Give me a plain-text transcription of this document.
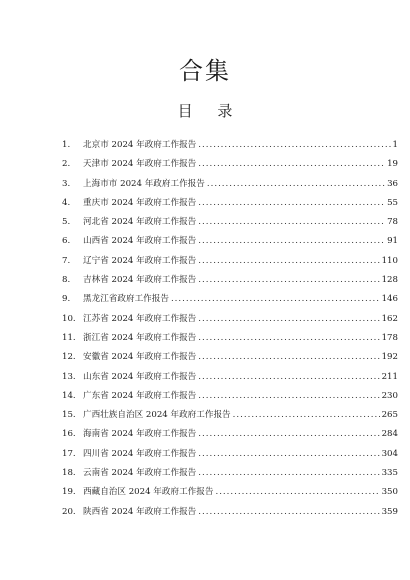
合集
目 录
1.	北京市 2024 年政府工作报告 .....	1
2.	天津市 2024 年政府工作报告 .....	19
3.	上海市市 2024 年政府工作报告 .....	36
4.	重庆市 2024 年政府工作报告 .....	55
5.	河北省 2024 年政府工作报告 .....	78
6.	山西省 2024 年政府工作报告 .....	91
7.	辽宁省 2024 年政府工作报告 .....	110
8.	吉林省 2024 年政府工作报告 .....	128
9.	黑龙江省政府工作报告 .....	146
10. 江苏省 2024 年政府工作报告 .....	162
11. 浙江省 2024 年政府工作报告 .....	178
12. 安徽省 2024 年政府工作报告 .....	192
13. 山东省 2024 年政府工作报告 .....	211
14. 广东省 2024 年政府工作报告 .....	230
15. 广西壮族自治区 2024 年政府工作报告 .....	265
16. 海南省 2024 年政府工作报告 .....	284
17. 四川省 2024 年政府工作报告 .....	304
18. 云南省 2024 年政府工作报告 .....	335
19. 西藏自治区 2024 年政府工作报告 .....	350
20. 陕西省 2024 年政府工作报告 .....	359
